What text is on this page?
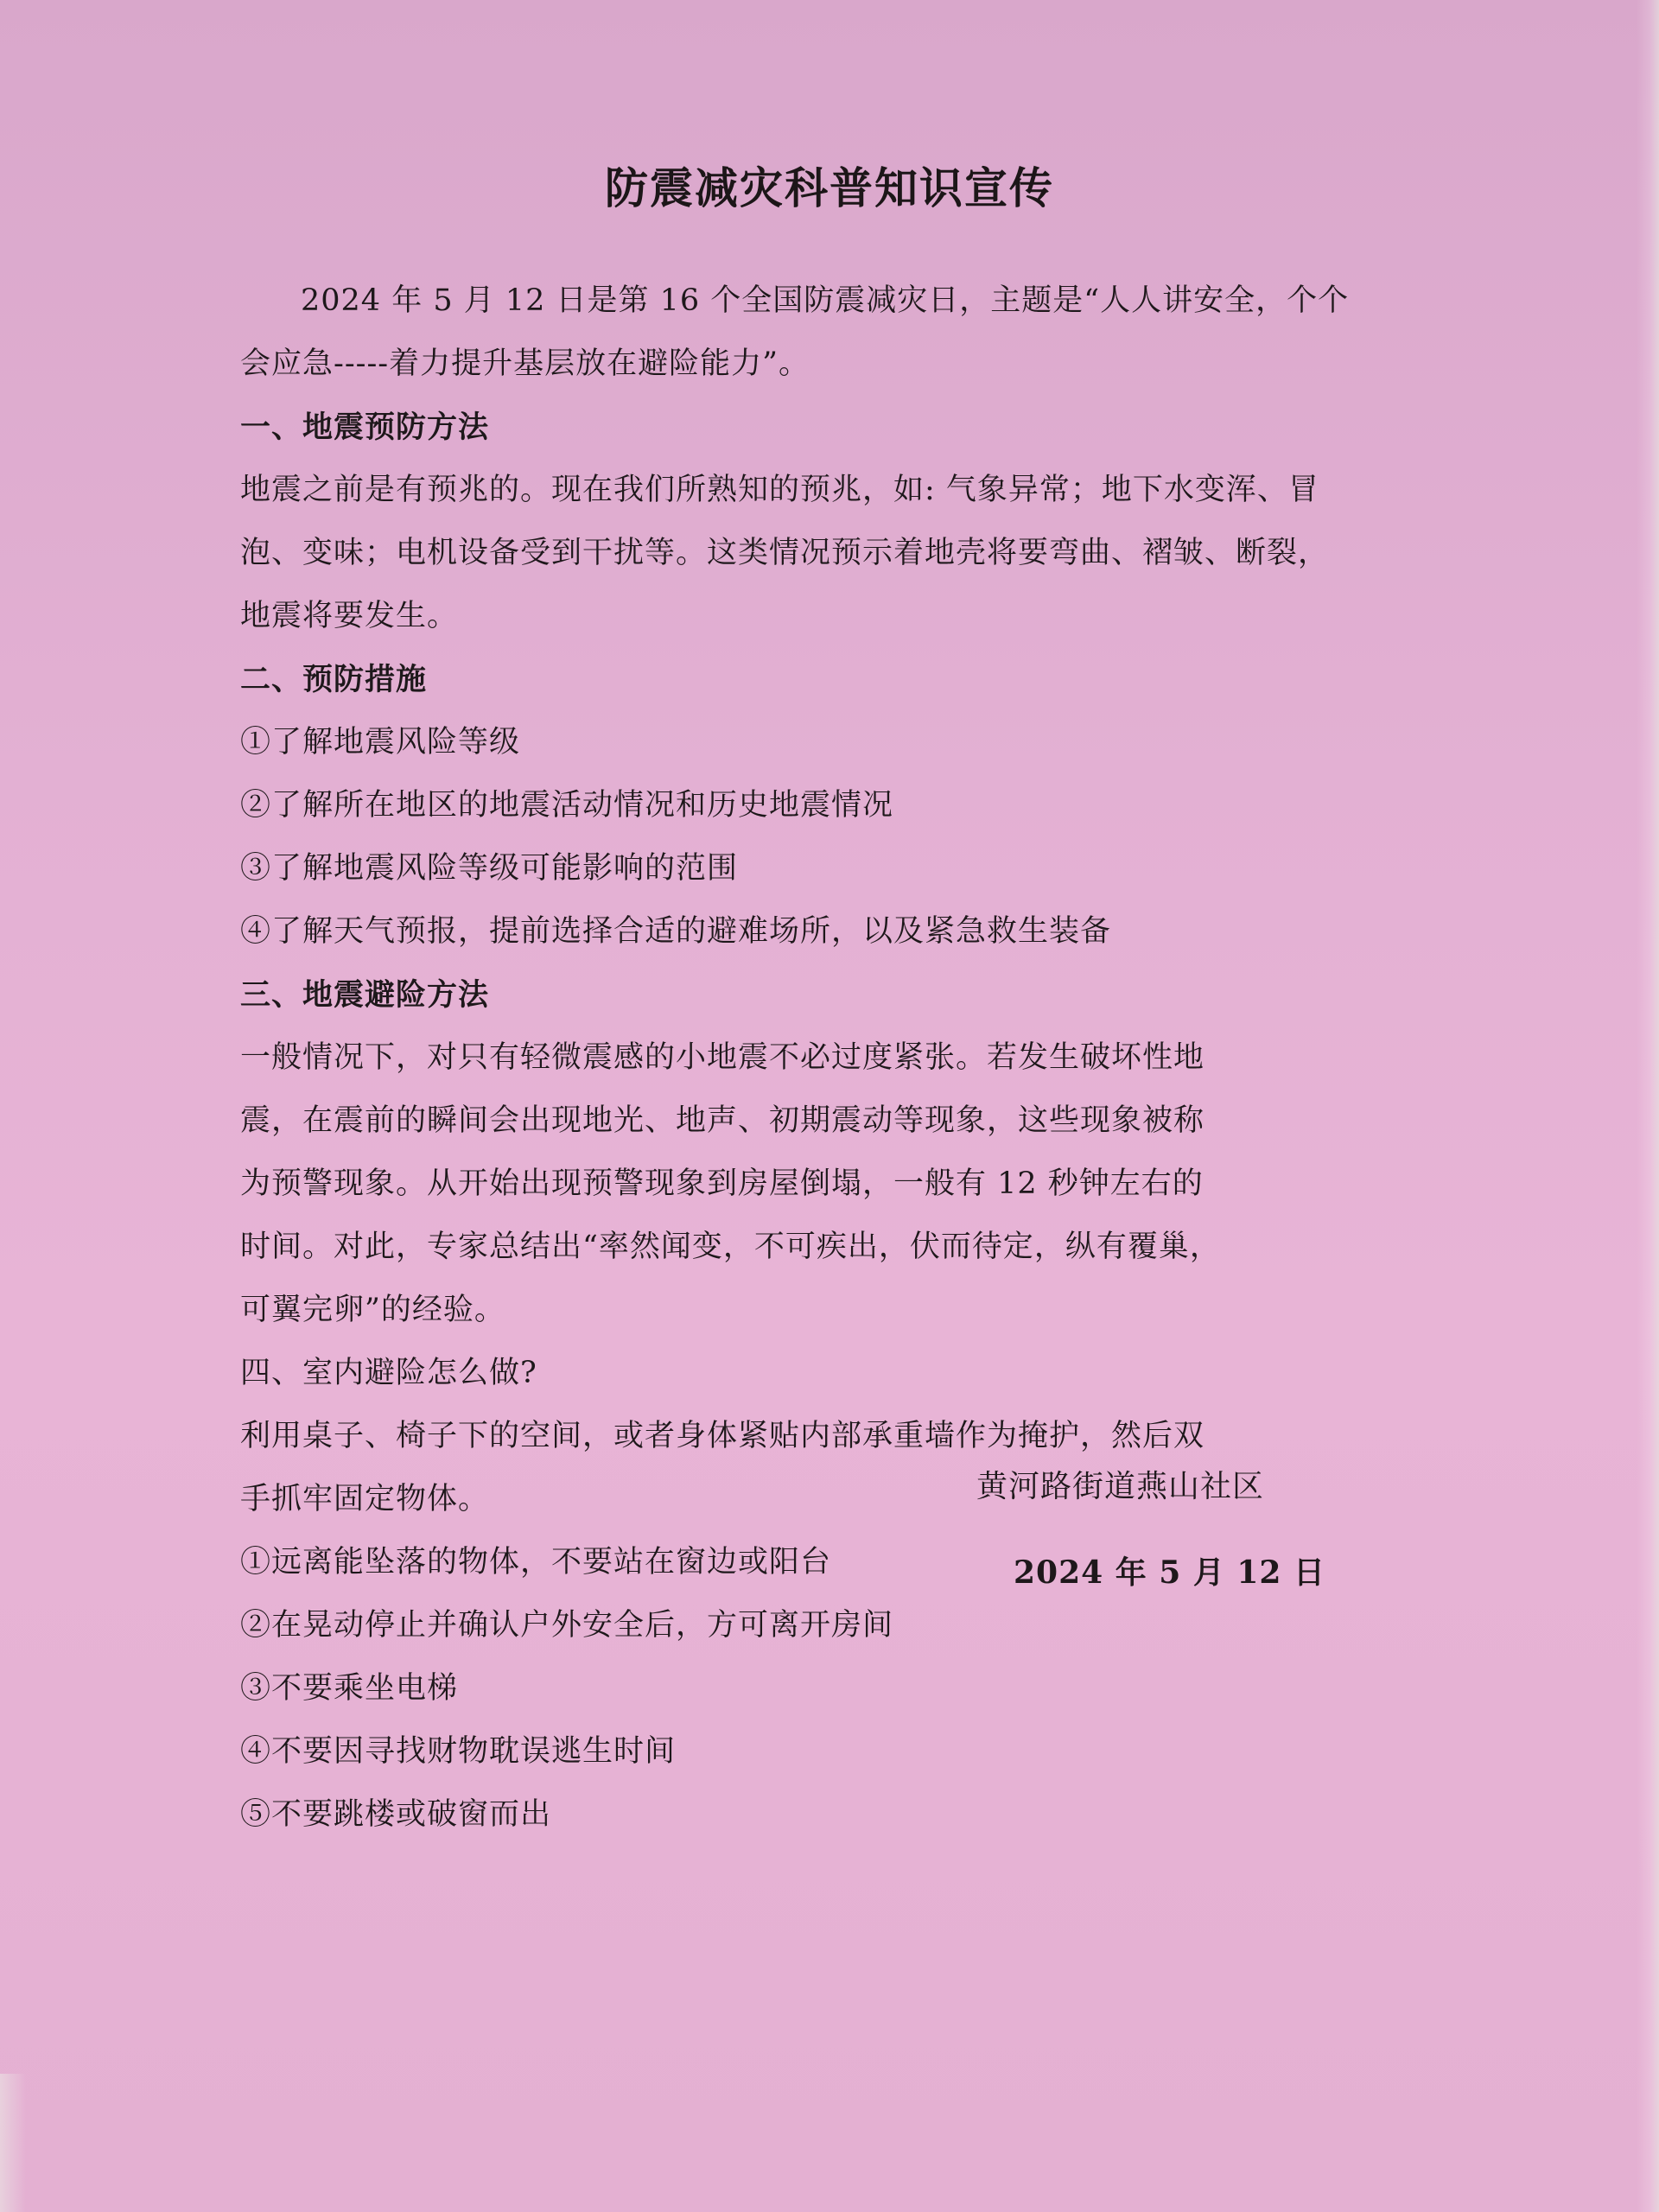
防震减灾科普知识宣传
2024 年 5 月 12 日是第 16 个全国防震减灾日，主题是“人人讲安全，个个
会应急-----着力提升基层放在避险能力”。
一、地震预防方法
地震之前是有预兆的。现在我们所熟知的预兆，如: 气象异常；地下水变浑、冒
泡、变味；电机设备受到干扰等。这类情况预示着地壳将要弯曲、褶皱、断裂，
地震将要发生。
二、预防措施
①了解地震风险等级
②了解所在地区的地震活动情况和历史地震情况
③了解地震风险等级可能影响的范围
④了解天气预报，提前选择合适的避难场所，以及紧急救生装备
三、地震避险方法
一般情况下，对只有轻微震感的小地震不必过度紧张。若发生破坏性地
震，在震前的瞬间会出现地光、地声、初期震动等现象，这些现象被称
为预警现象。从开始出现预警现象到房屋倒塌，一般有 12 秒钟左右的
时间。对此，专家总结出“率然闻变，不可疾出，伏而待定，纵有覆巢，
可翼完卵”的经验。
四、室内避险怎么做?
利用桌子、椅子下的空间，或者身体紧贴内部承重墙作为掩护，然后双
手抓牢固定物体。
①远离能坠落的物体，不要站在窗边或阳台
②在晃动停止并确认户外安全后，方可离开房间
③不要乘坐电梯
④不要因寻找财物耽误逃生时间
⑤不要跳楼或破窗而出
黄河路街道燕山社区
2024 年 5 月 12 日
